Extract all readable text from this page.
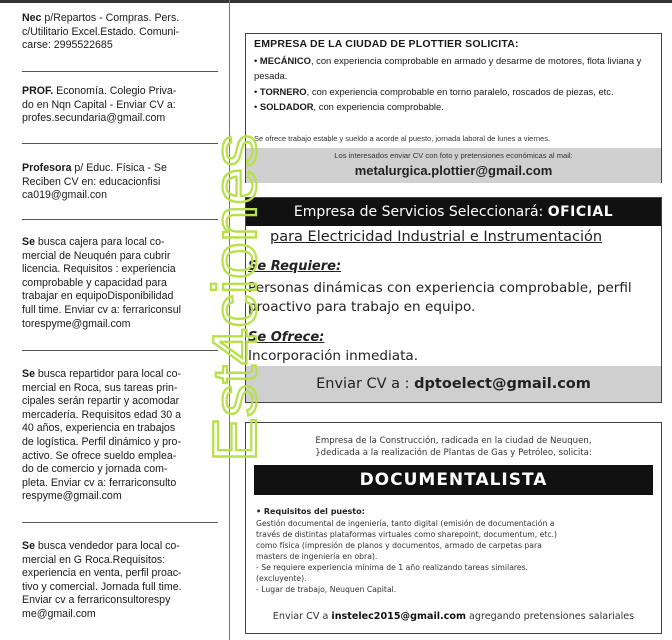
Nec p/Repartos - Compras. Pers.
c/Utilitario Excel.Estado. Comuni-
carse: 2995522685
PROF. Economía. Colegio Priva-
do en Nqn Capital - Enviar CV a:
profes.secundaria@gmail.com
Profesora p/ Educ. Física - Se
Reciben CV en: educacionfisi
ca019@gmail.con
Se busca cajera para local co-
mercial de Neuquén para cubrir
licencia. Requisitos : experiencia
comprobable y capacidad para
trabajar en equipoDisponibilidad
full time. Enviar cv a: ferrariconsul
torespyme@gmail.com
Se busca repartidor para local co-
mercial en Roca, sus tareas prin-
cipales serán repartir y acomodar
mercadería. Requisitos edad 30 a
40 años, experiencia en trabajos
de logística. Perfil dinámico y pro-
activo. Se ofrece sueldo emplea-
do de comercio y jornada com-
pleta. Enviar cv a: ferrariconsulto
respyme@gmail.com
Se busca vendedor para local co-
mercial en G Roca.Requisitos:
experiencia en venta, perfil proac-
tivo y comercial. Jornada full time.
Enviar cv a ferrariconsultorespy
me@gmail.com
EMPRESA DE LA CIUDAD DE PLOTTIER SOLICITA:
• MECÁNICO, con experiencia comprobable en armado y desarme de motores, flota liviana y pesada.
• TORNERO, con experiencia comprobable en torno paralelo, roscados de piezas, etc.
• SOLDADOR, con experiencia comprobable.
Se ofrece trabajo estable y sueldo a acorde al puesto, jornada laboral de lunes a viernes.
Los interesados enviar CV con foto y pretensiones económicas al mail:
metalurgica.plottier@gmail.com
Empresa de Servicios Seleccionará: OFICIAL
para Electricidad Industrial e Instrumentación
Se Requiere:
Personas dinámicas con experiencia comprobable, perfil proactivo para trabajo en equipo.
Se Ofrece:
Incorporación inmediata.
Enviar CV a : dptoelect@gmail.com
Empresa de la Construcción, radicada en la ciudad de Neuquen,
}dedicada a la realización de Plantas de Gas y Petróleo, solicita:
DOCUMENTALISTA
• Requisitos del puesto:
Gestión documental de ingeniería, tanto digital (emisión de documentación a
través de distintas plataformas virtuales como sharepoint, documentum, etc.)
como física (impresión de planos y documentos, armado de carpetas para
masters de ingeniería en obra).
- Se requiere experiencia mínima de 1 año realizando tareas similares.
(excluyente).
- Lugar de trabajo, Neuquen Capital.
Enviar CV a instelec2015@gmail.com agregando pretensiones salariales
Est4ciones
